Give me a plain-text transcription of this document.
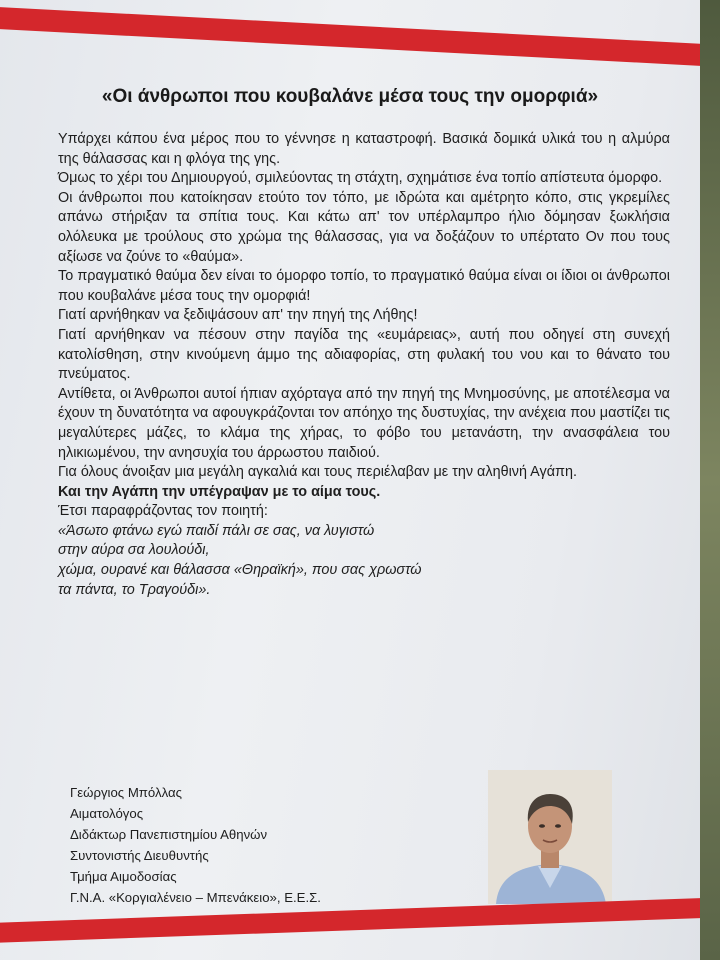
«Οι άνθρωποι που κουβαλάνε μέσα τους την ομορφιά»

Υπάρχει κάπου ένα μέρος που το γέννησε η καταστροφή. Βασικά δομικά υλικά του η αλμύρα της θάλασσας και η φλόγα της γης.

Όμως το χέρι του Δημιουργού, σμιλεύοντας τη στάχτη, σχημάτισε ένα τοπίο απίστευτα όμορφο.

Οι άνθρωποι που κατοίκησαν ετούτο τον τόπο, με ιδρώτα και αμέτρητο κόπο, στις γκρεμίλες απάνω στήριξαν τα σπίτια τους. Και κάτω απ' τον υπέρλαμπρο ήλιο δόμησαν ξωκλήσια ολόλευκα με τρούλους στο χρώμα της θάλασσας, για να δοξάζουν το υπέρτατο Ον που τους αξίωσε να ζούνε το «θαύμα».

Το πραγματικό θαύμα δεν είναι το όμορφο τοπίο, το πραγματικό θαύμα είναι οι ίδιοι οι άνθρωποι που κουβαλάνε μέσα τους την ομορφιά!

Γιατί αρνήθηκαν να ξεδιψάσουν απ' την πηγή της Λήθης!

Γιατί αρνήθηκαν να πέσουν στην παγίδα της «ευμάρειας», αυτή που οδηγεί στη συνεχή κατολίσθηση, στην κινούμενη άμμο της αδιαφορίας, στη φυλακή του νου και το θάνατο του πνεύματος.

Αντίθετα, οι Άνθρωποι αυτοί ήπιαν αχόρταγα από την πηγή της Μνημοσύνης, με αποτέλεσμα να έχουν τη δυνατότητα να αφουγκράζονται τον απόηχο της δυστυχίας, την ανέχεια που μαστίζει τις μεγαλύτερες μάζες, το κλάμα της χήρας, το φόβο του μετανάστη, την ανασφάλεια του ηλικιωμένου, την ανησυχία του άρρωστου παιδιού.

Για όλους άνοιξαν μια μεγάλη αγκαλιά και τους περιέλαβαν με την αληθινή Αγάπη.

Και την Αγάπη την υπέγραψαν με το αίμα τους.

Έτσι παραφράζοντας τον ποιητή:

«Άσωτο φτάνω εγώ παιδί πάλι σε σας, να λυγιστώ

στην αύρα σα λουλούδι,

χώμα, ουρανέ και θάλασσα «Θηραϊκή», που σας χρωστώ

τα πάντα, το Τραγούδι».

Γεώργιος Μπόλλας
Αιματολόγος
Διδάκτωρ Πανεπιστημίου Αθηνών
Συντονιστής Διευθυντής
Τμήμα Αιμοδοσίας
Γ.Ν.Α. «Κοργιαλένειο – Μπενάκειο», Ε.Ε.Σ.
